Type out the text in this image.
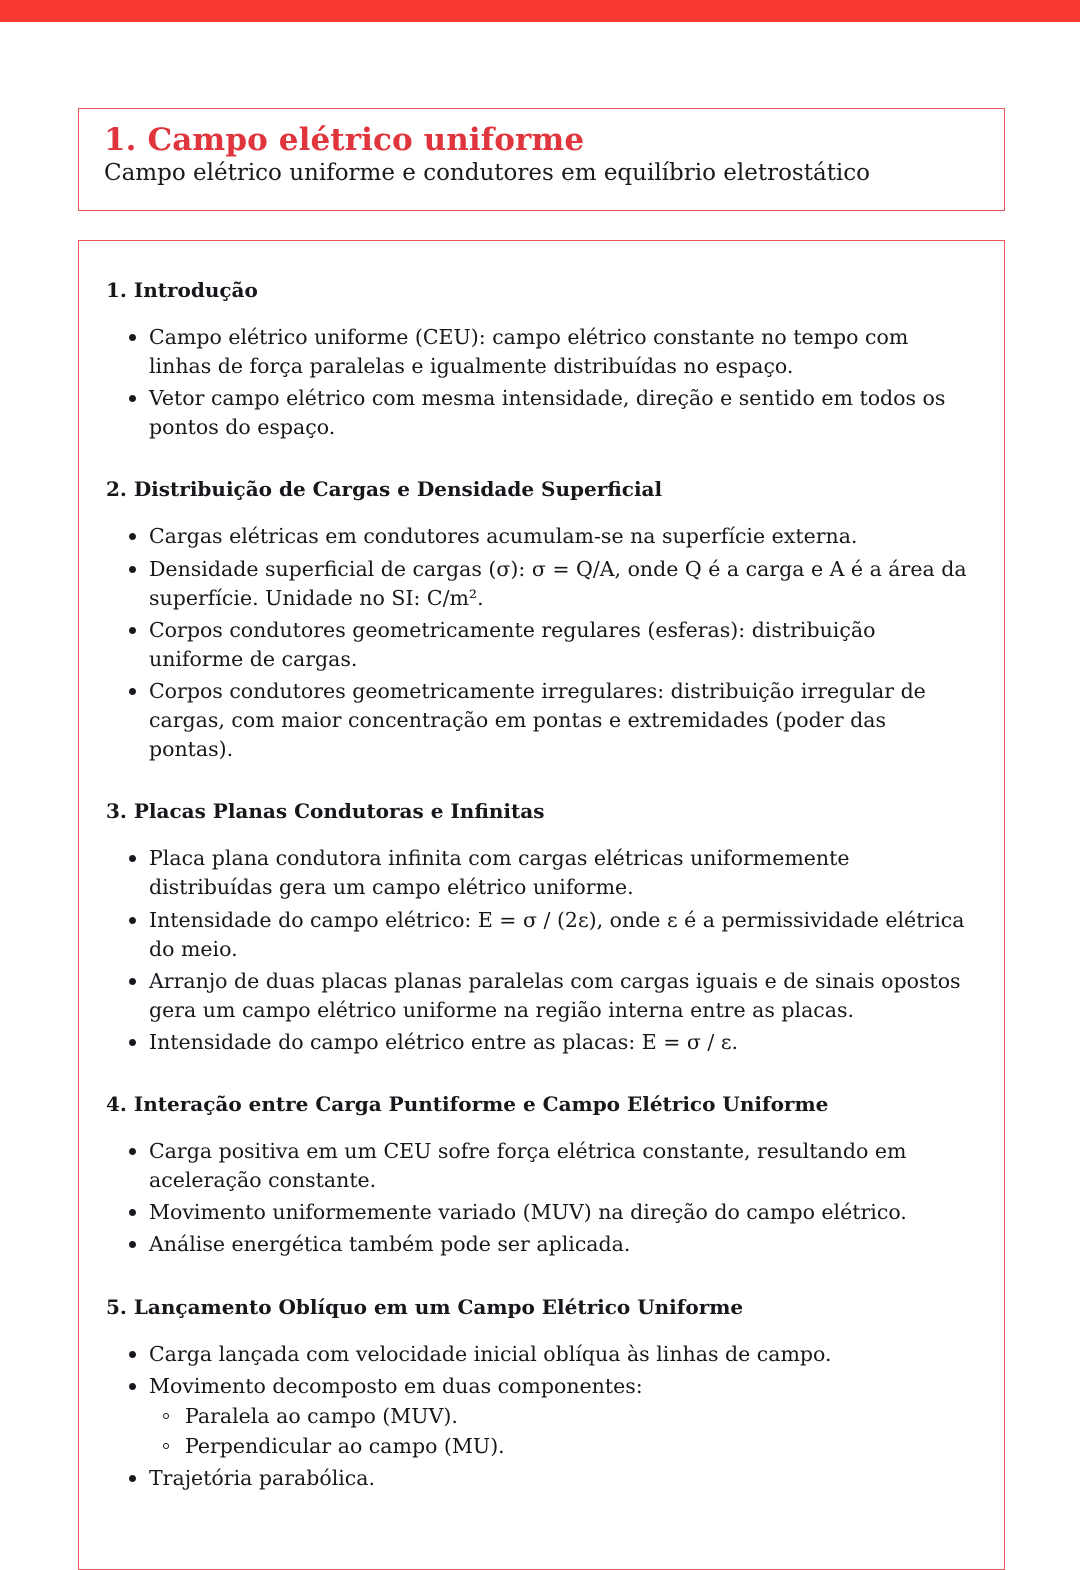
1. Campo elétrico uniforme

Campo elétrico uniforme e condutores em equilíbrio eletrostático

1. Introdução
Campo elétrico uniforme (CEU): campo elétrico constante no tempo com linhas de força paralelas e igualmente distribuídas no espaço.
Vetor campo elétrico com mesma intensidade, direção e sentido em todos os pontos do espaço.
2. Distribuição de Cargas e Densidade Superficial
Cargas elétricas em condutores acumulam-se na superfície externa.
Densidade superficial de cargas (σ): σ = Q/A, onde Q é a carga e A é a área da superfície. Unidade no SI: C/m².
Corpos condutores geometricamente regulares (esferas): distribuição uniforme de cargas.
Corpos condutores geometricamente irregulares: distribuição irregular de cargas, com maior concentração em pontas e extremidades (poder das pontas).
3. Placas Planas Condutoras e Infinitas
Placa plana condutora infinita com cargas elétricas uniformemente distribuídas gera um campo elétrico uniforme.
Intensidade do campo elétrico: E = σ / (2ε), onde ε é a permissividade elétrica do meio.
Arranjo de duas placas planas paralelas com cargas iguais e de sinais opostos gera um campo elétrico uniforme na região interna entre as placas.
Intensidade do campo elétrico entre as placas: E = σ / ε.
4. Interação entre Carga Puntiforme e Campo Elétrico Uniforme
Carga positiva em um CEU sofre força elétrica constante, resultando em aceleração constante.
Movimento uniformemente variado (MUV) na direção do campo elétrico.
Análise energética também pode ser aplicada.
5. Lançamento Oblíquo em um Campo Elétrico Uniforme
Carga lançada com velocidade inicial oblíqua às linhas de campo.
Movimento decomposto em duas componentes:
Paralela ao campo (MUV).
Perpendicular ao campo (MU).
Trajetória parabólica.
